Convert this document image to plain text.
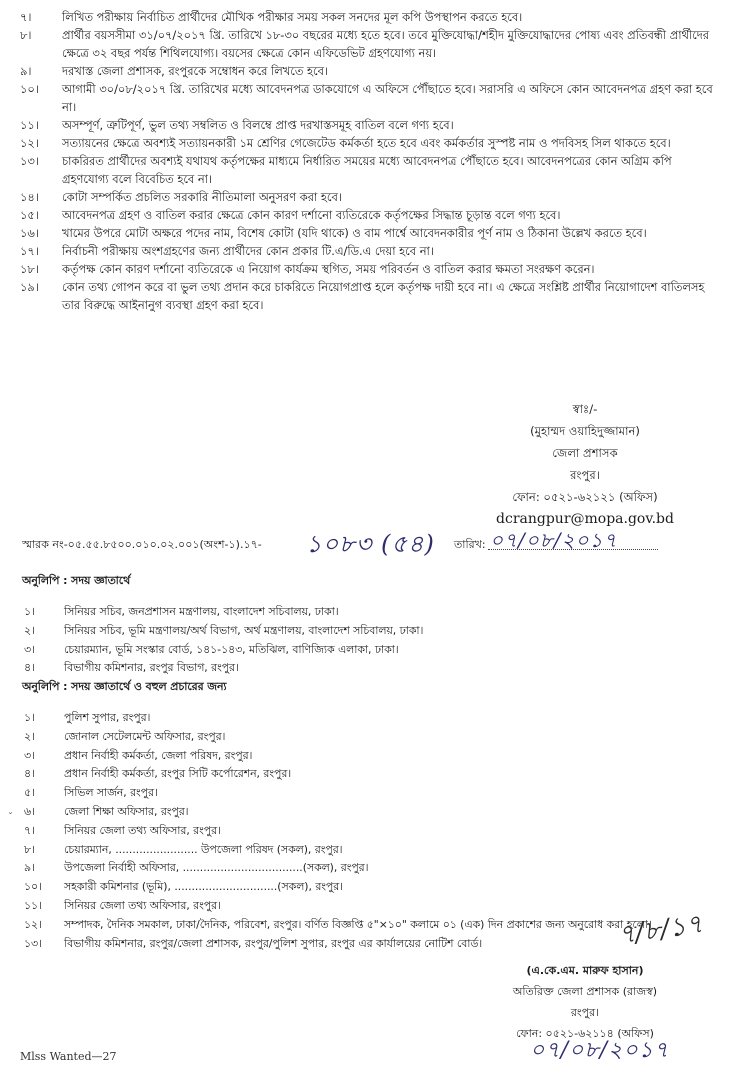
৭।	লিখিত পরীক্ষায় নির্বাচিত প্রার্থীদের মৌখিক পরীক্ষার সময় সকল সনদের মূল কপি উপস্থাপন করতে হবে।
৮।	প্রার্থীর বয়সসীমা ৩১/০৭/২০১৭ খ্রি. তারিখে ১৮-৩০ বছরের মধ্যে হতে হবে। তবে মুক্তিযোদ্ধা/শহীদ মুক্তিযোদ্ধাদের পোষ্য এবং প্রতিবন্ধী প্রার্থীদের ক্ষেত্রে ৩২ বছর পর্যন্ত শিথিলযোগ্য। বয়সের ক্ষেত্রে কোন এফিডেভিট গ্রহণযোগ্য নয়।
৯।	দরখাস্ত জেলা প্রশাসক, রংপুরকে সম্বোধন করে লিখতে হবে।
১০।	আগামী ৩০/০৮/২০১৭ খ্রি. তারিখের মধ্যে আবেদনপত্র ডাকযোগে এ অফিসে পৌঁছাতে হবে। সরাসরি এ অফিসে কোন আবেদনপত্র গ্রহণ করা হবে না।
১১।	অসম্পূর্ণ, ত্রুটিপূর্ণ, ভুল তথ্য সম্বলিত ও বিলম্বে প্রাপ্ত দরখাস্তসমূহ বাতিল বলে গণ্য হবে।
১২।	সত্যায়নের ক্ষেত্রে অবশ্যই সত্যায়নকারী ১ম শ্রেণির গেজেটেড কর্মকর্তা হতে হবে এবং কর্মকর্তার সুস্পষ্ট নাম ও পদবিসহ সিল থাকতে হবে।
১৩।	চাকরিরত প্রার্থীদের অবশ্যই যথাযথ কর্তৃপক্ষের মাধ্যমে নির্ধারিত সময়ের মধ্যে আবেদনপত্র পৌঁছাতে হবে। আবেদনপত্রের কোন অগ্রিম কপি গ্রহণযোগ্য বলে বিবেচিত হবে না।
১৪।	কোটা সম্পর্কিত প্রচলিত সরকারি নীতিমালা অনুসরণ করা হবে।
১৫।	আবেদনপত্র গ্রহণ ও বাতিল করার ক্ষেত্রে কোন কারণ দর্শানো ব্যতিরেকে কর্তৃপক্ষের সিদ্ধান্ত চূড়ান্ত বলে গণ্য হবে।
১৬।	খামের উপরে মোটা অক্ষরে পদের নাম, বিশেষ কোটা (যদি থাকে) ও বাম পার্শ্বে আবেদনকারীর পূর্ণ নাম ও ঠিকানা উল্লেখ করতে হবে।
১৭।	নির্বাচনী পরীক্ষায় অংশগ্রহণের জন্য প্রার্থীদের কোন প্রকার টি.এ/ডি.এ দেয়া হবে না।
১৮।	কর্তৃপক্ষ কোন কারণ দর্শানো ব্যতিরেকে এ নিয়োগ কার্যক্রম স্থগিত, সময় পরিবর্তন ও বাতিল করার ক্ষমতা সংরক্ষণ করেন।
১৯।	কোন তথ্য গোপন করে বা ভুল তথ্য প্রদান করে চাকরিতে নিয়োগপ্রাপ্ত হলে কর্তৃপক্ষ দায়ী হবে না। এ ক্ষেত্রে সংশ্লিষ্ট প্রার্থীর নিয়োগাদেশ বাতিলসহ তার বিরুদ্ধে আইনানুগ ব্যবস্থা গ্রহণ করা হবে।
স্বাঃ/-
(মুহাম্মদ ওয়াহিদুজ্জামান)
জেলা প্রশাসক
রংপুর।
ফোন: ০৫২১-৬২১২১ (অফিস)
dcrangpur@mopa.gov.bd
স্মারক নং-০৫.৫৫.৮৫০০.০১০.০২.০০১(অংশ-১).১৭- ১০৮৩ (৫৪) তারিখ: ০৭/০৮/২০১৭
অনুলিপি : সদয় জ্ঞাতার্থে
১।	সিনিয়র সচিব, জনপ্রশাসন মন্ত্রণালয়, বাংলাদেশ সচিবালয়, ঢাকা।
২।	সিনিয়র সচিব, ভূমি মন্ত্রণালয়/অর্থ বিভাগ, অর্থ মন্ত্রণালয়, বাংলাদেশ সচিবালয়, ঢাকা।
৩।	চেয়ারম্যান, ভূমি সংস্কার বোর্ড, ১৪১-১৪৩, মতিঝিল, বাণিজ্যিক এলাকা, ঢাকা।
৪।	বিভাগীয় কমিশনার, রংপুর বিভাগ, রংপুর।
ˇ
অনুলিপি : সদয় জ্ঞাতার্থে ও বহুল প্রচারের জন্য
১।	পুলিশ সুপার, রংপুর।
২।	জোনাল সেটেলমেন্ট অফিসার, রংপুর।
৩।	প্রধান নির্বাহী কর্মকর্তা, জেলা পরিষদ, রংপুর।
৪।	প্রধান নির্বাহী কর্মকর্তা, রংপুর সিটি কর্পোরেশন, রংপুর।
৫।	সিভিল সার্জন, রংপুর।
৬।	জেলা শিক্ষা অফিসার, রংপুর।
৭।	সিনিয়র জেলা তথ্য অফিসার, রংপুর।
৮।	চেয়ারম্যান, ........................ উপজেলা পরিষদ (সকল), রংপুর।
৯।	উপজেলা নির্বাহী অফিসার, ...................................(সকল), রংপুর।
১০।	সহকারী কমিশনার (ভূমি), ..............................(সকল), রংপুর।
১১।	সিনিয়র জেলা তথ্য অফিসার, রংপুর।
১২।	সম্পাদক, দৈনিক সমকাল, ঢাকা/দৈনিক, পরিবেশ, রংপুর। বর্ণিত বিজ্ঞপ্তি ৫"×১০" কলামে ০১ (এক) দিন প্রকাশের জন্য অনুরোধ করা হলো।
১৩।	বিভাগীয় কমিশনার, রংপুর/জেলা প্রশাসক, রংপুর/পুলিশ সুপার, রংপুর এর কার্যালয়ের নোটিশ বোর্ড।	৭/৮/১৭
(এ.কে.এম. মারুফ হাসান)
অতিরিক্ত জেলা প্রশাসক (রাজস্ব)
রংপুর।
ফোন: ০৫২১-৬২১১৪ (অফিস)
০৭/০৮/২০১৭
Mlss Wanted—27
